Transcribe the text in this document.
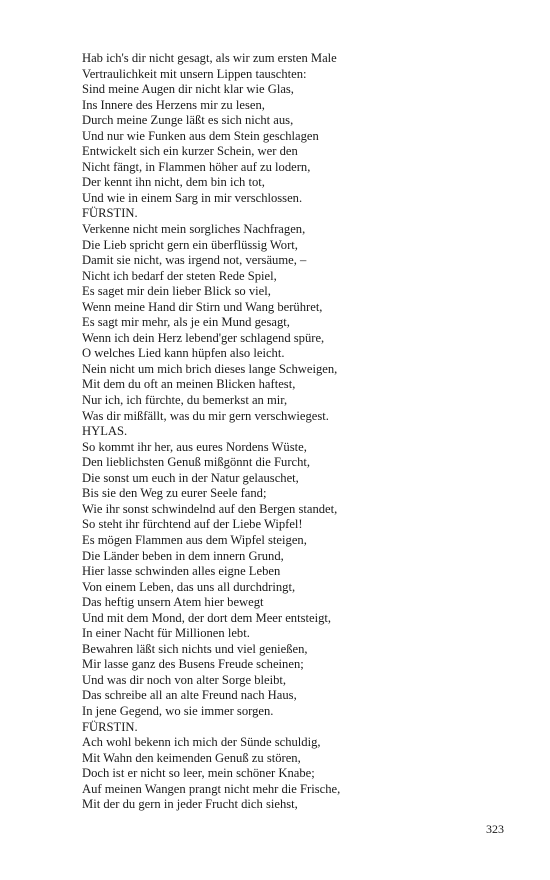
Hab ich's dir nicht gesagt, als wir zum ersten Male
Vertraulichkeit mit unsern Lippen tauschten:
Sind meine Augen dir nicht klar wie Glas,
Ins Innere des Herzens mir zu lesen,
Durch meine Zunge läßt es sich nicht aus,
Und nur wie Funken aus dem Stein geschlagen
Entwickelt sich ein kurzer Schein, wer den
Nicht fängt, in Flammen höher auf zu lodern,
Der kennt ihn nicht, dem bin ich tot,
Und wie in einem Sarg in mir verschlossen.
FÜRSTIN.
Verkenne nicht mein sorgliches Nachfragen,
Die Lieb spricht gern ein überflüssig Wort,
Damit sie nicht, was irgend not, versäume, –
Nicht ich bedarf der steten Rede Spiel,
Es saget mir dein lieber Blick so viel,
Wenn meine Hand dir Stirn und Wang berühret,
Es sagt mir mehr, als je ein Mund gesagt,
Wenn ich dein Herz lebend'ger schlagend spüre,
O welches Lied kann hüpfen also leicht.
Nein nicht um mich brich dieses lange Schweigen,
Mit dem du oft an meinen Blicken haftest,
Nur ich, ich fürchte, du bemerkst an mir,
Was dir mißfällt, was du mir gern verschwiegest.
HYLAS.
So kommt ihr her, aus eures Nordens Wüste,
Den lieblichsten Genuß mißgönnt die Furcht,
Die sonst um euch in der Natur gelauschet,
Bis sie den Weg zu eurer Seele fand;
Wie ihr sonst schwindelnd auf den Bergen standet,
So steht ihr fürchtend auf der Liebe Wipfel!
Es mögen Flammen aus dem Wipfel steigen,
Die Länder beben in dem innern Grund,
Hier lasse schwinden alles eigne Leben
Von einem Leben, das uns all durchdringt,
Das heftig unsern Atem hier bewegt
Und mit dem Mond, der dort dem Meer entsteigt,
In einer Nacht für Millionen lebt.
Bewahren läßt sich nichts und viel genießen,
Mir lasse ganz des Busens Freude scheinen;
Und was dir noch von alter Sorge bleibt,
Das schreibe all an alte Freund nach Haus,
In jene Gegend, wo sie immer sorgen.
FÜRSTIN.
Ach wohl bekenn ich mich der Sünde schuldig,
Mit Wahn den keimenden Genuß zu stören,
Doch ist er nicht so leer, mein schöner Knabe;
Auf meinen Wangen prangt nicht mehr die Frische,
Mit der du gern in jeder Frucht dich siehst,
323
